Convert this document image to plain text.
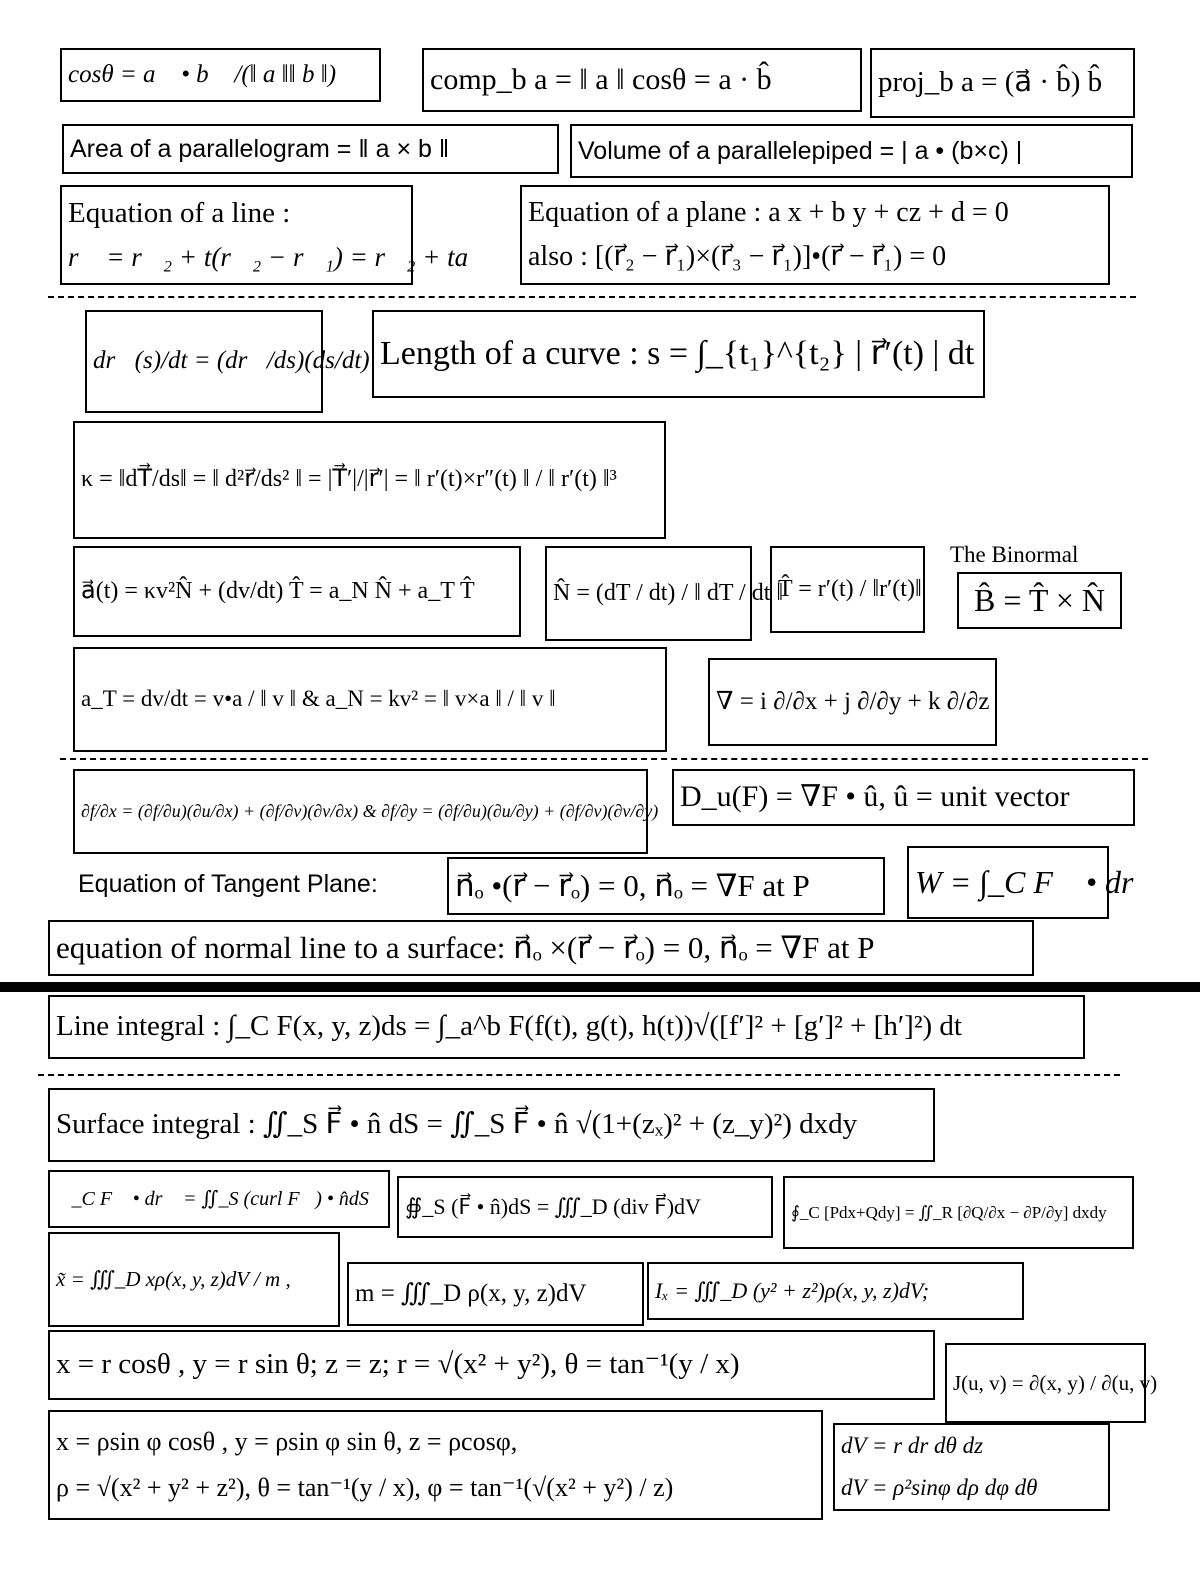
cosθ = a⃗ • b⃗ /(‖ a ‖‖ b ‖)	comp_b a = ‖ a ‖ cosθ = a · b̂	proj_b a = (a⃗ · b̂) b̂
Area of a parallelogram = ‖ a × b ‖	Volume of a parallelepiped = | a • (b×c) |
Equation of a line :
r⃗ = r⃗₂ + t(r⃗₂ − r⃗₁) = r⃗₂ + ta⃗
Equation of a plane : a x + b y + cz + d = 0
also : [(r⃗₂ − r⃗₁)×(r⃗₃ − r⃗₁)]•(r⃗ − r⃗₁) = 0
dr⃗(s)/dt = (dr⃗/ds)(ds/dt) Length of a curve : s = ∫_{t₁}^{t₂} | r⃗′(t) | dt
κ = ‖dT⃗/ds‖ = ‖ d²r⃗/ds² ‖ = |T⃗′|/|r⃗′| = ‖ r′(t)×r″(t) ‖ / ‖ r′(t) ‖³
a⃗(t) = κv²N̂ + (dv/dt) T̂ = a_N N̂ + a_T T̂	N̂ = (dT / dt) / ‖ dT / dt ‖
T̂ = r′(t) / ‖r′(t)‖
The Binormal
B̂ = T̂ × N̂
a_T = dv/dt = v•a / ‖ v ‖ & a_N = kv² = ‖ v×a ‖ / ‖ v ‖	∇ = i ∂/∂x + j ∂/∂y + k ∂/∂z
∂f/∂x = (∂f/∂u)(∂u/∂x) + (∂f/∂v)(∂v/∂x) & ∂f/∂y = (∂f/∂u)(∂u/∂y) + (∂f/∂v)(∂v/∂y) D_u(F) = ∇F • û, û = unit vector
Equation of Tangent Plane: n⃗ₒ •(r⃗ − r⃗ₒ) = 0, n⃗ₒ = ∇F at P	W = ∫_C F⃗ • dr⃗
equation of normal line to a surface: n⃗ₒ ×(r⃗ − r⃗ₒ) = 0, n⃗ₒ = ∇F at P
Line integral : ∫_C F(x, y, z)ds = ∫_a^b F(f(t), g(t), h(t))√([f′]² + [g′]² + [h′]²) dt
Surface integral : ∬_S F⃗ • n̂ dS = ∬_S F⃗ • n̂ √(1+(zₓ)² + (z_y)²) dxdy
∮_C F⃗ • dr⃗ = ∬_S (curl F⃗) • n̂dS	∯_S (F⃗ • n̂)dS = ∭_D (div F⃗)dV	∮_C [Pdx+Qdy] = ∬_R [∂Q/∂x − ∂P/∂y] dxdy
x̃ = ∭_D xρ(x, y, z)dV / m ,
m = ∭_D ρ(x, y, z)dV	Iₓ = ∭_D (y² + z²)ρ(x, y, z)dV;
x = r cosθ , y = r sin θ; z = z; r = √(x² + y²), θ = tan⁻¹(y / x)
J(u, v) = ∂(x, y) / ∂(u, v)
x = ρsin φ cosθ , y = ρsin φ sin θ, z = ρcosφ,
ρ = √(x² + y² + z²), θ = tan⁻¹(y / x), φ = tan⁻¹(√(x² + y²) / z)
dV = r dr dθ dz
dV = ρ²sinφ dρ dφ dθ
